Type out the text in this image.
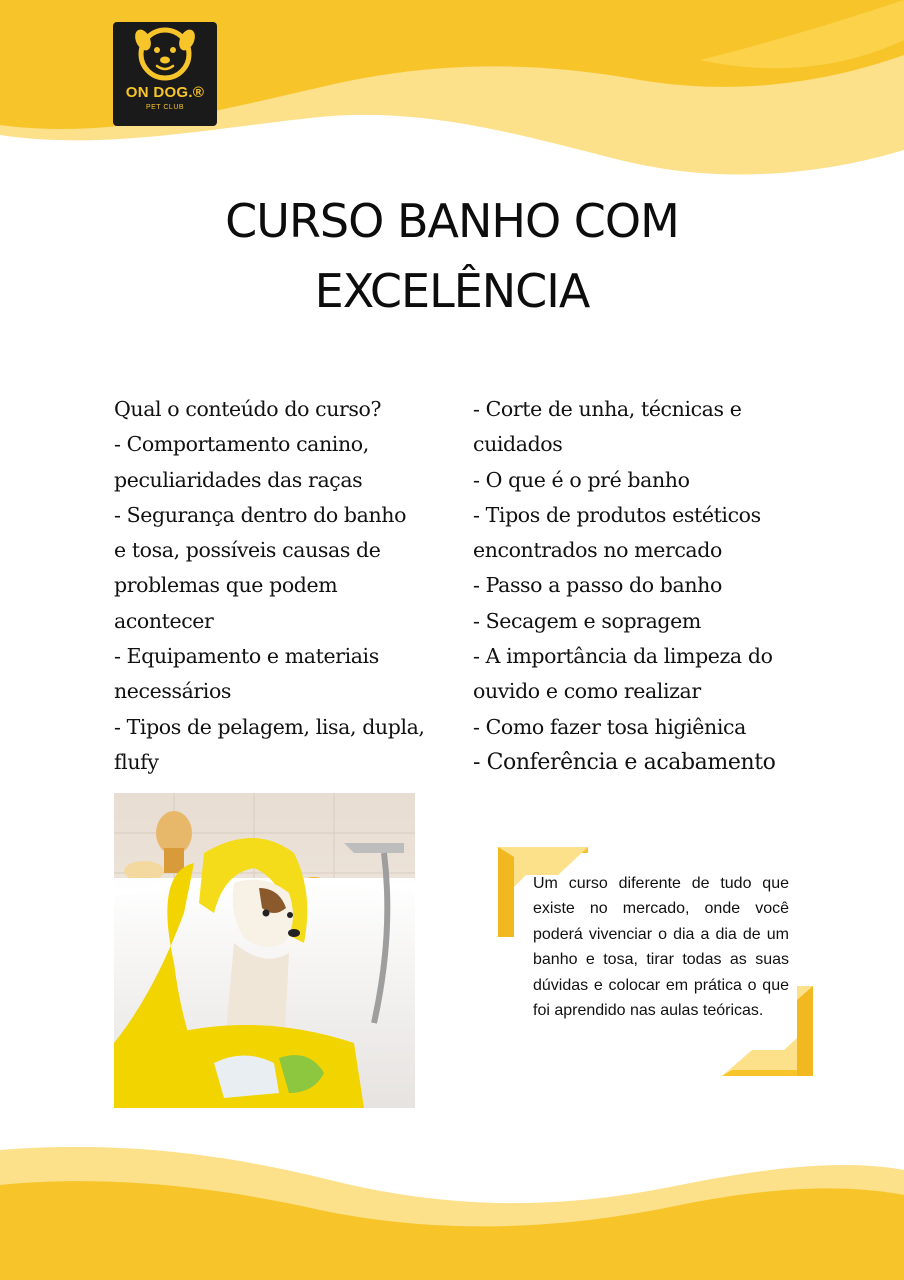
ON DOG.®
PET CLUB
CURSO BANHO COM
EXCELÊNCIA
Qual o conteúdo do curso?
- Comportamento canino,
peculiaridades das raças
- Segurança dentro do banho
e tosa, possíveis causas de
problemas que podem
acontecer
- Equipamento e materiais
necessários
- Tipos de pelagem, lisa, dupla,
flufy
- Corte de unha, técnicas e
cuidados
- O que é o pré banho
- Tipos de produtos estéticos
encontrados no mercado
- Passo a passo do banho
- Secagem e sopragem
- A importância da limpeza do
ouvido e como realizar
- Como fazer tosa higiênica
- Conferência e acabamento
Um curso diferente de tudo que existe no mercado, onde você poderá vivenciar o dia a dia de um banho e tosa, tirar todas as suas dúvidas e colocar em prática o que foi aprendido nas aulas teóricas.
